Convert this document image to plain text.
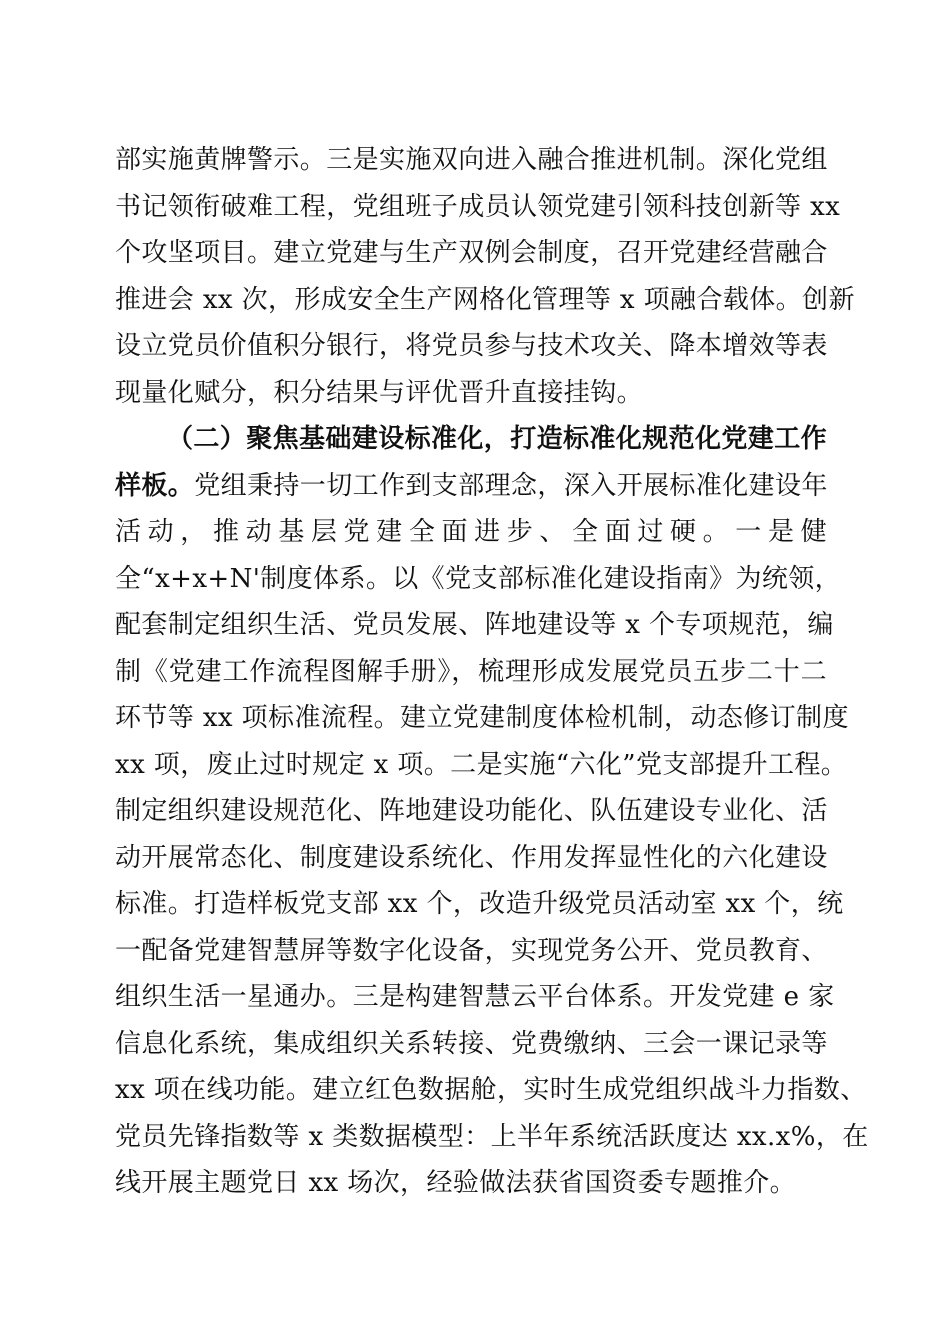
部实施黄牌警示。三是实施双向进入融合推进机制。深化党组
书记领衔破难工程，党组班子成员认领党建引领科技创新等 xx
个攻坚项目。建立党建与生产双例会制度，召开党建经营融合
推进会 xx 次，形成安全生产网格化管理等 x 项融合载体。创新
设立党员价值积分银行，将党员参与技术攻关、降本增效等表
现量化赋分，积分结果与评优晋升直接挂钩。
（二）聚焦基础建设标准化，打造标准化规范化党建工作
样板。党组秉持一切工作到支部理念，深入开展标准化建设年
活动，推动基层党建全面进步、全面过硬。一是健
全“x+x+N'制度体系。以《党支部标准化建设指南》为统领，
配套制定组织生活、党员发展、阵地建设等 x 个专项规范，编
制《党建工作流程图解手册》，梳理形成发展党员五步二十二
环节等 xx 项标准流程。建立党建制度体检机制，动态修订制度
xx 项，废止过时规定 x 项。二是实施“六化”党支部提升工程。
制定组织建设规范化、阵地建设功能化、队伍建设专业化、活
动开展常态化、制度建设系统化、作用发挥显性化的六化建设
标准。打造样板党支部 xx 个，改造升级党员活动室 xx 个，统
一配备党建智慧屏等数字化设备，实现党务公开、党员教育、
组织生活一星通办。三是构建智慧云平台体系。开发党建 e 家
信息化系统，集成组织关系转接、党费缴纳、三会一课记录等
xx 项在线功能。建立红色数据舱，实时生成党组织战斗力指数、
党员先锋指数等 x 类数据模型：上半年系统活跃度达 xx.x%，在
线开展主题党日 xx 场次，经验做法获省国资委专题推介。
